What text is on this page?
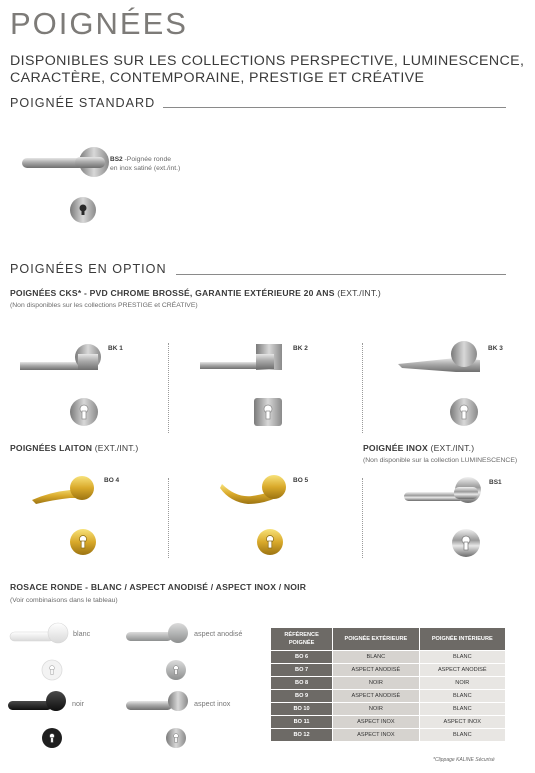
POIGNÉES
DISPONIBLES SUR LES COLLECTIONS PERSPECTIVE, LUMINESCENCE, CARACTÈRE, CONTEMPORAINE, PRESTIGE ET CRÉATIVE
POIGNÉE STANDARD
BS2 -Poignée ronde
en inox satiné (ext./int.)
POIGNÉES EN OPTION
POIGNÉES CKS* - PVD CHROME BROSSÉ, GARANTIE EXTÉRIEURE 20 ANS (EXT./INT.)
(Non disponibles sur les collections PRESTIGE et CRÉATIVE)
BK 1	BK 2	BK 3
POIGNÉES LAITON (EXT./INT.)
BO 4	BO 5
POIGNÉE INOX (EXT./INT.)
(Non disponible sur la collection LUMINESCENCE)
BS1
ROSACE RONDE - BLANC / ASPECT ANODISÉ / ASPECT INOX / NOIR
(Voir combinaisons dans le tableau)
blanc	aspect anodisé
noir	aspect inox
RÉFÉRENCE POIGNÉE	POIGNÉE EXTÉRIEURE	POIGNÉE INTÉRIEURE
BO 6	BLANC	BLANC
BO 7	ASPECT ANODISÉ	ASPECT ANODISÉ
BO 8	NOIR	NOIR
BO 9	ASPECT ANODISÉ	BLANC
BO 10	NOIR	BLANC
BO 11	ASPECT INOX	ASPECT INOX
BO 12	ASPECT INOX	BLANC
*Clippage KALINE Sécurisé
